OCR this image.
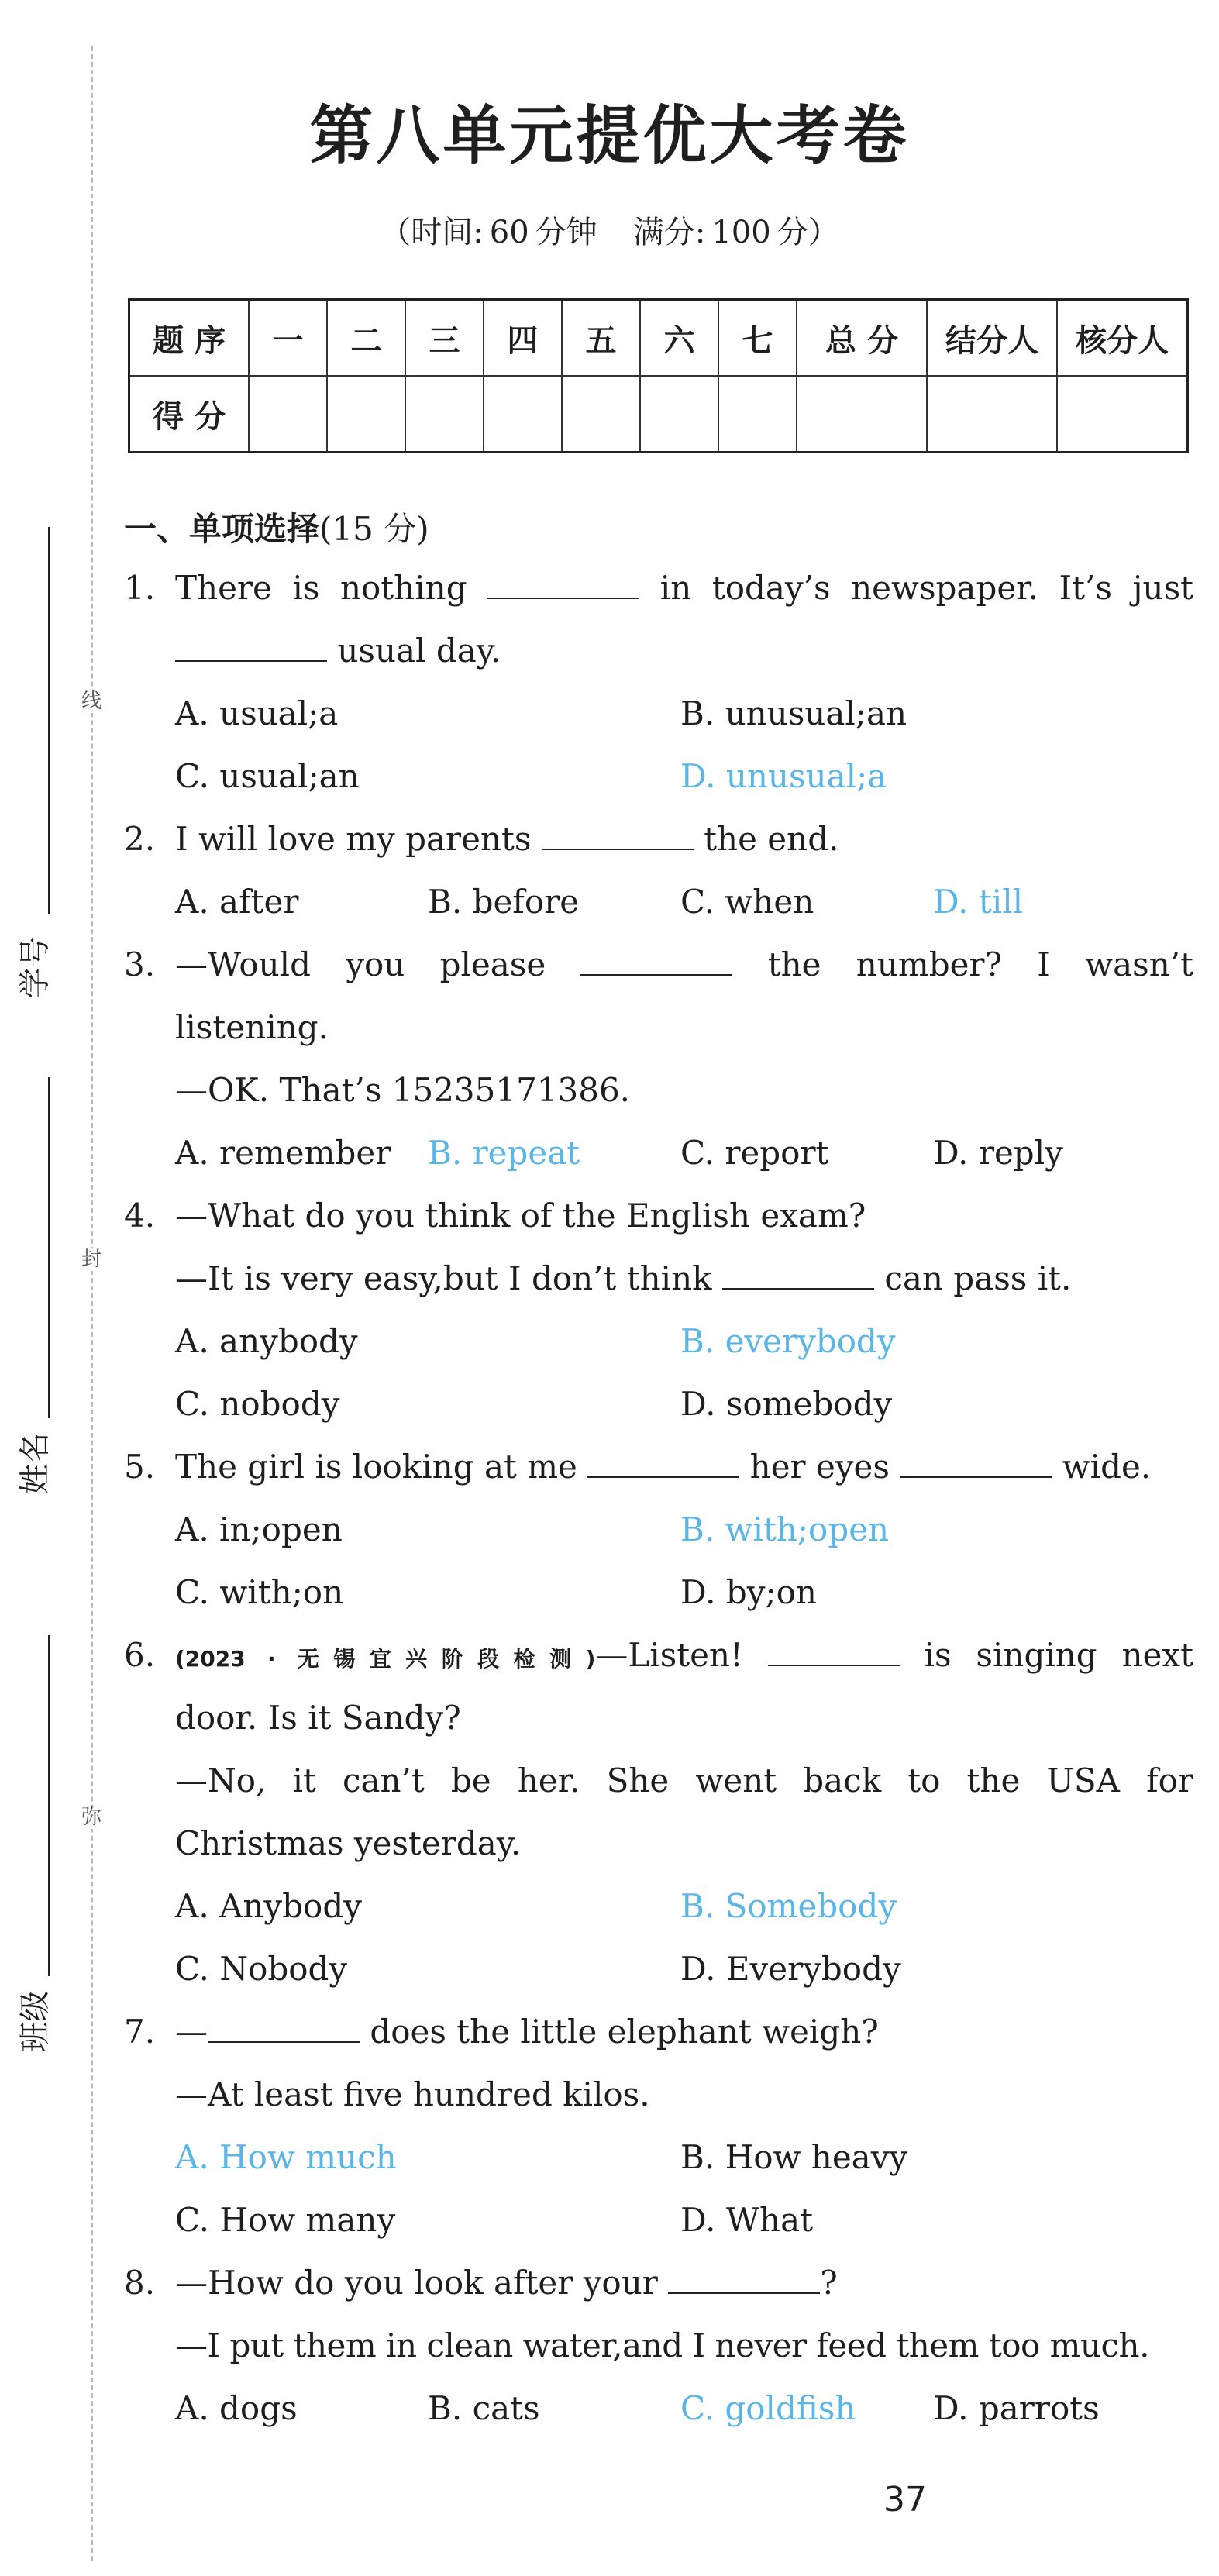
线
封
弥
学号
姓名
班级
第八单元提优大考卷
（时间: 60 分钟 满分: 100 分）
题 序	一	二	三	四	五	六	七	总 分	结分人	核分人
得 分										
一、单项选择(15 分)
1. There is nothing	in today’s newspaper. It’s just
usual day.
A. usual;a	B. unusual;an
C. usual;an	D. unusual;a
2. I will love my parents	the end.
A. after	B. before	C. when	D. till
3. —Would you please	the number? I wasn’t
listening.
—OK. That’s 15235171386.
A. remember B. repeat	C. report	D. reply
4. —What do you think of the English exam?
—It is very easy,but I don’t think	can pass it.
A. anybody	B. everybody
C. nobody	D. somebody
5. The girl is looking at me	her eyes	wide.
A. in;open	B. with;open
C. with;on	D. by;on
6. (2023 · 无锡宜兴阶段检测)—Listen!	is singing next
door. Is it Sandy?
—No, it can’t be her. She went back to the USA for
Christmas yesterday.
A. Anybody	B. Somebody
C. Nobody	D. Everybody
7. —	does the little elephant weigh?
—At least five hundred kilos.
A. How much	B. How heavy
C. How many	D. What
8. —How do you look after your	?
—I put them in clean water,and I never feed them too much.
A. dogs	B. cats	C. goldfish D. parrots
37
